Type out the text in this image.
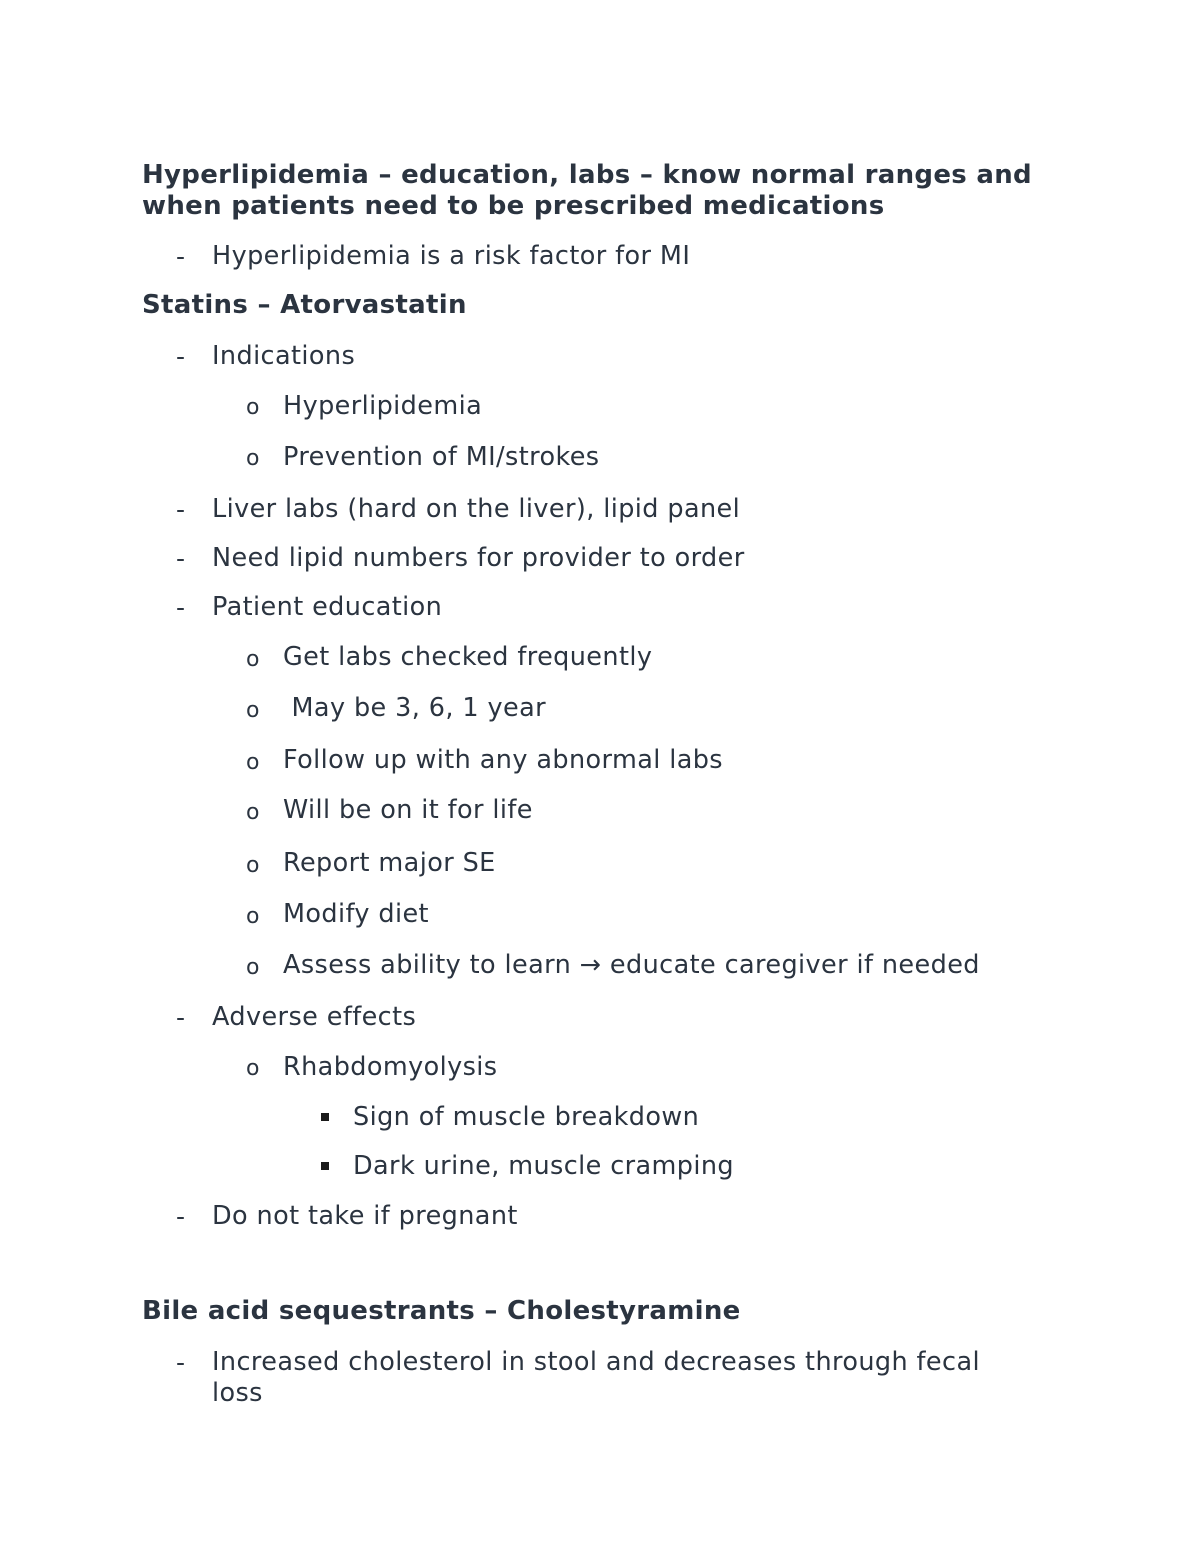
Hyperlipidemia – education, labs – know normal ranges and when patients need to be prescribed medications
- Hyperlipidemia is a risk factor for MI
Statins – Atorvastatin
- Indications
o Hyperlipidemia
o Prevention of MI/strokes
- Liver labs (hard on the liver), lipid panel
- Need lipid numbers for provider to order
- Patient education
o Get labs checked frequently
o May be 3, 6, 1 year
o Follow up with any abnormal labs
o Will be on it for life
o Report major SE
o Modify diet
o Assess ability to learn → educate caregiver if needed
- Adverse effects
o Rhabdomyolysis
Sign of muscle breakdown
Dark urine, muscle cramping
- Do not take if pregnant
Bile acid sequestrants – Cholestyramine
- Increased cholesterol in stool and decreases through fecal loss
